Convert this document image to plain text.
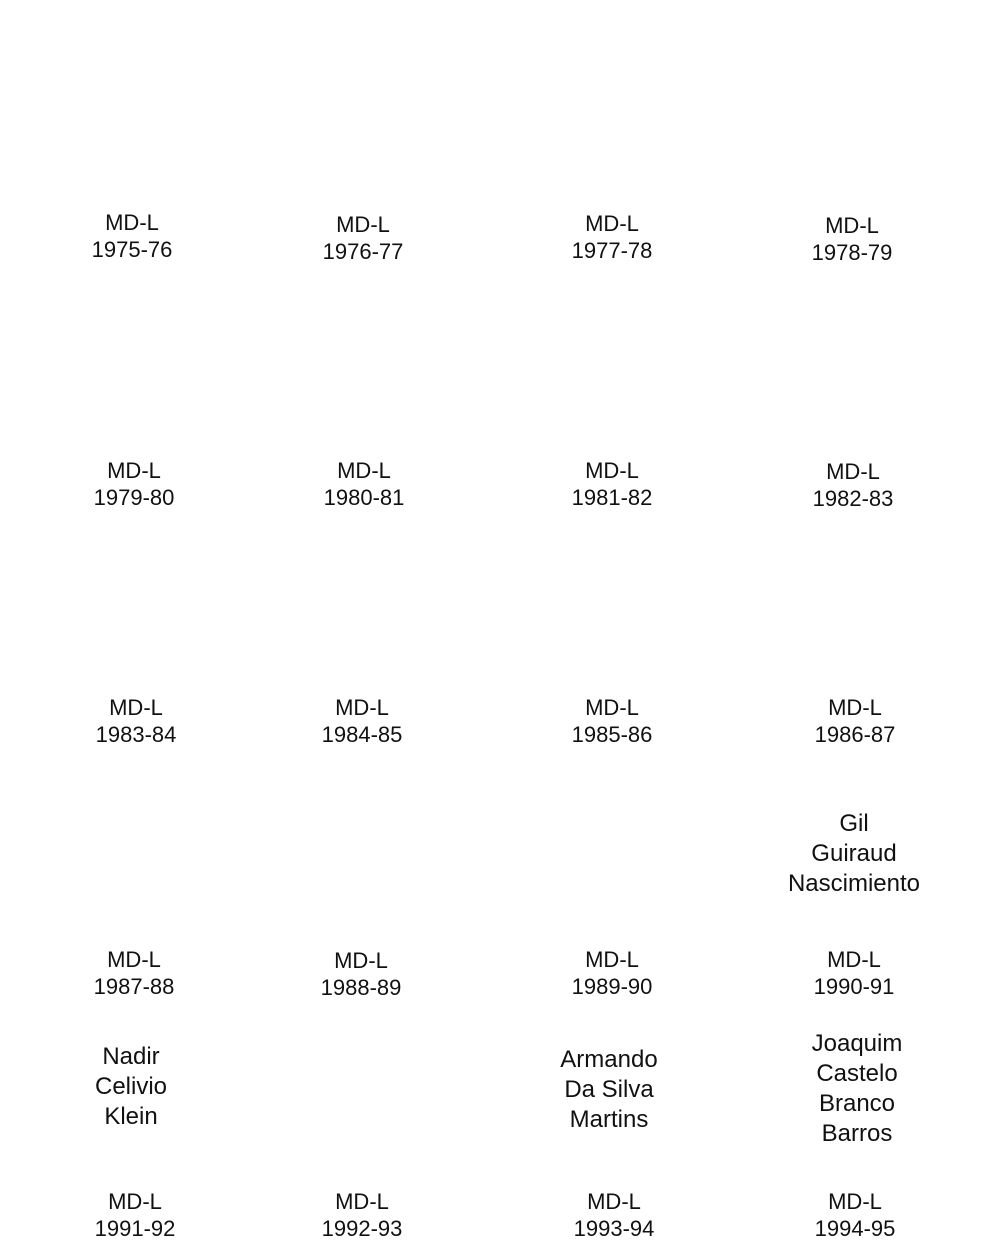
MD-L
1975-76
MD-L
1976-77
MD-L
1977-78
MD-L
1978-79
MD-L
1979-80
MD-L
1980-81
MD-L
1981-82
MD-L
1982-83
MD-L
1983-84
MD-L
1984-85
MD-L
1985-86
MD-L
1986-87
Gil
Guiraud
Nascimiento
MD-L
1987-88
MD-L
1988-89
MD-L
1989-90
MD-L
1990-91
Nadir
Celivio
Klein
Armando
Da Silva
Martins
Joaquim
Castelo
Branco
Barros
MD-L
1991-92
MD-L
1992-93
MD-L
1993-94
MD-L
1994-95
